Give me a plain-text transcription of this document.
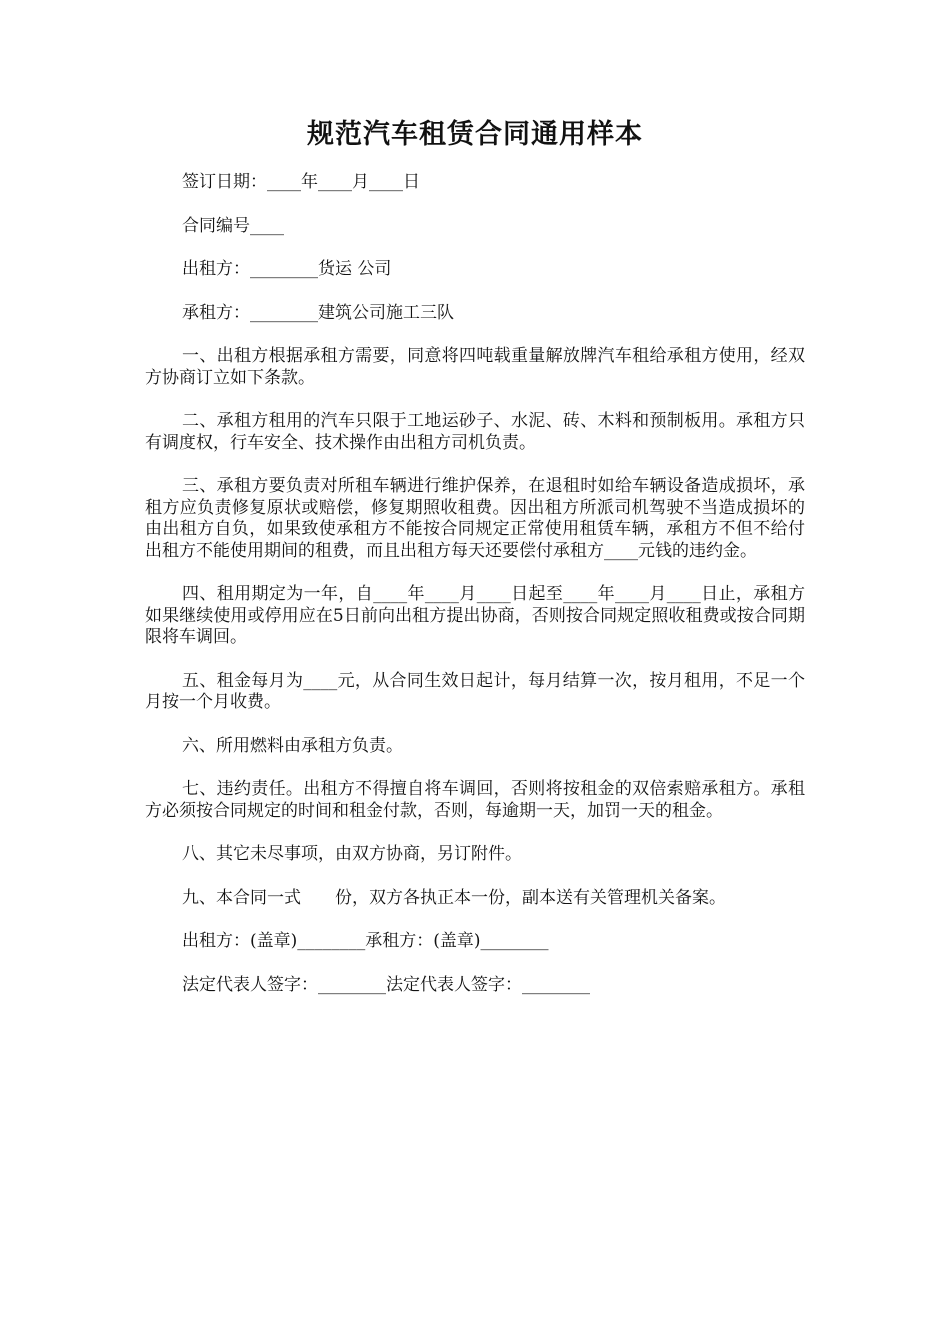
规范汽车租赁合同通用样本

签订日期：____年____月____日

合同编号____

出租方：________货运 公司

承租方：________建筑公司施工三队

一、出租方根据承租方需要，同意将四吨载重量解放牌汽车租给承租方使用，经双方协商订立如下条款。

二、承租方租用的汽车只限于工地运砂子、水泥、砖、木料和预制板用。承租方只有调度权，行车安全、技术操作由出租方司机负责。

三、承租方要负责对所租车辆进行维护保养，在退租时如给车辆设备造成损坏，承租方应负责修复原状或赔偿，修复期照收租费。因出租方所派司机驾驶不当造成损坏的由出租方自负，如果致使承租方不能按合同规定正常使用租赁车辆，承租方不但不给付出租方不能使用期间的租费，而且出租方每天还要偿付承租方____元钱的违约金。

四、租用期定为一年，自____年____月____日起至____年____月____日止，承租方如果继续使用或停用应在5日前向出租方提出协商，否则按合同规定照收租费或按合同期限将车调回。

五、租金每月为____元，从合同生效日起计，每月结算一次，按月租用，不足一个月按一个月收费。

六、所用燃料由承租方负责。

七、违约责任。出租方不得擅自将车调回，否则将按租金的双倍索赔承租方。承租方必须按合同规定的时间和租金付款，否则，每逾期一天，加罚一天的租金。

八、其它未尽事项，由双方协商，另订附件。

九、本合同一式　　份，双方各执正本一份，副本送有关管理机关备案。

出租方：(盖章)________承租方：(盖章)________

法定代表人签字：________法定代表人签字：________
